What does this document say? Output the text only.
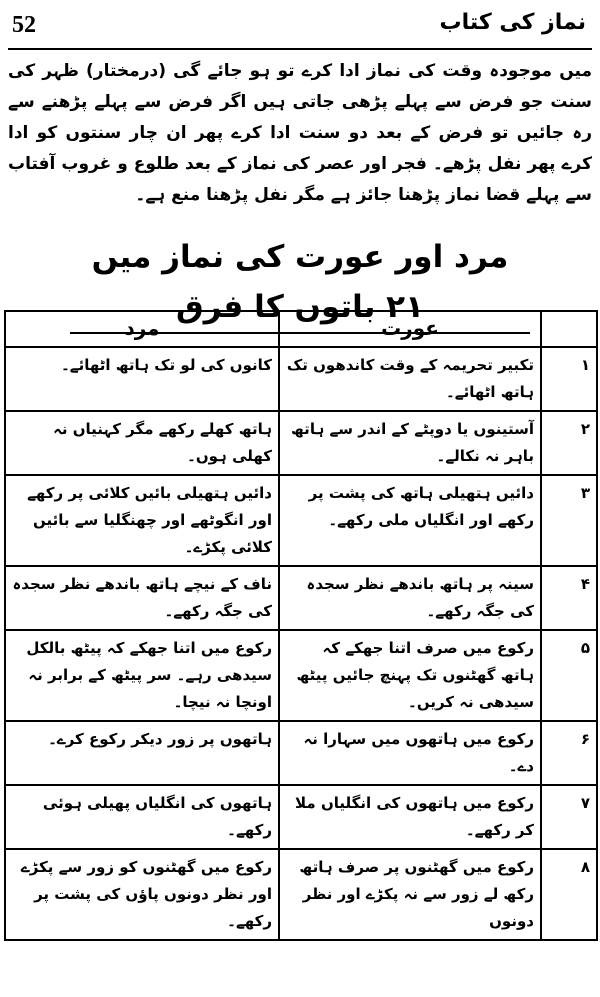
52	نماز کی کتاب

میں موجودہ وقت کی نماز ادا کرے تو ہو جائے گی (درمختار) ظہر کی سنت جو فرض سے پہلے پڑھی جاتی ہیں اگر فرض سے پہلے پڑھنے سے رہ جائیں تو فرض کے بعد دو سنت ادا کرے پھر ان چار سنتوں کو ادا کرے پھر نفل پڑھے۔ فجر اور عصر کی نماز کے بعد طلوع و غروب آفتاب سے پہلے قضا نماز پڑھنا جائز ہے مگر نفل پڑھنا منع ہے۔

مرد اور عورت کی نماز میں ۲۱ باتوں کا فرق
	عورت	مرد
۱	تکبیر تحریمہ کے وقت کاندھوں تک ہاتھ اٹھائے۔	کانوں کی لو تک ہاتھ اٹھائے۔
۲	آستینوں یا دوپٹے کے اندر سے ہاتھ باہر نہ نکالے۔	ہاتھ کھلے رکھے مگر کہنیاں نہ کھلی ہوں۔
۳	دائیں ہتھیلی ہاتھ کی پشت پر رکھے اور انگلیاں ملی رکھے۔	دائیں ہتھیلی بائیں کلائی پر رکھے اور انگوٹھے اور چھنگلیا سے بائیں کلائی پکڑے۔
۴	سینہ پر ہاتھ باندھے نظر سجدہ کی جگہ رکھے۔	ناف کے نیچے ہاتھ باندھے نظر سجدہ کی جگہ رکھے۔
۵	رکوع میں صرف اتنا جھکے کہ ہاتھ گھٹنوں تک پہنچ جائیں پیٹھ سیدھی نہ کریں۔	رکوع میں اتنا جھکے کہ پیٹھ بالکل سیدھی رہے۔ سر پیٹھ کے برابر نہ اونچا نہ نیچا۔
۶	رکوع میں ہاتھوں میں سہارا نہ دے۔	ہاتھوں پر زور دیکر رکوع کرے۔
۷	رکوع میں ہاتھوں کی انگلیاں ملا کر رکھے۔	ہاتھوں کی انگلیاں پھیلی ہوئی رکھے۔
۸	رکوع میں گھٹنوں پر صرف ہاتھ رکھ لے زور سے نہ پکڑے اور نظر دونوں	رکوع میں گھٹنوں کو زور سے پکڑے اور نظر دونوں پاؤں کی پشت پر رکھے۔
